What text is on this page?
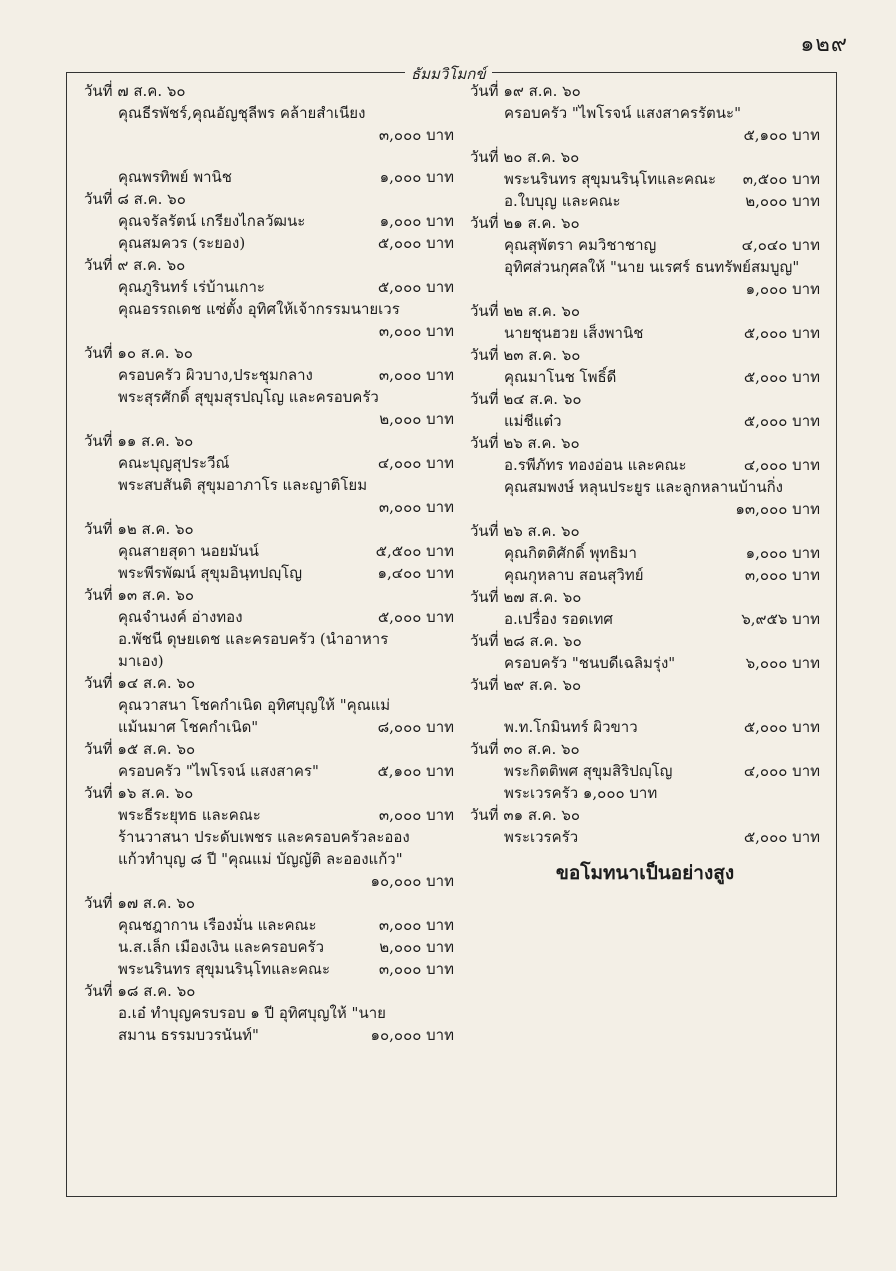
๑๒๙
ธัมมวิโมกข์
วันที่ ๗ ส.ค. ๖๐
คุณธีรพัชร์,คุณอัญชุลีพร คล้ายสำเนียง
๓,๐๐๐ บาท
คุณพรทิพย์ พานิช	๑,๐๐๐ บาท
วันที่ ๘ ส.ค. ๖๐
คุณจรัลรัตน์ เกรียงไกลวัฒนะ	๑,๐๐๐ บาท
คุณสมควร (ระยอง)	๕,๐๐๐ บาท
วันที่ ๙ ส.ค. ๖๐
คุณภูรินทร์ เร่บ้านเกาะ	๕,๐๐๐ บาท
คุณอรรถเดช แซ่ตั้ง อุทิศให้เจ้ากรรมนายเวร
๓,๐๐๐ บาท
วันที่ ๑๐ ส.ค. ๖๐
ครอบครัว ผิวบาง,ประชุมกลาง	๓,๐๐๐ บาท
พระสุรศักดิ์ สุขุมสุรปญฺโญ และครอบครัว
๒,๐๐๐ บาท
วันที่ ๑๑ ส.ค. ๖๐
คณะบุญสุประวีณ์	๔,๐๐๐ บาท
พระสบสันติ สุขุมอาภาโร และญาติโยม
๓,๐๐๐ บาท
วันที่ ๑๒ ส.ค. ๖๐
คุณสายสุดา นอยมันน์	๕,๕๐๐ บาท
พระพีรพัฒน์ สุขุมอินฺทปญฺโญ	๑,๔๐๐ บาท
วันที่ ๑๓ ส.ค. ๖๐
คุณจำนงค์ อ่างทอง	๕,๐๐๐ บาท
อ.พัชนี ดุษยเดช และครอบครัว (นำอาหาร
มาเอง)
วันที่ ๑๔ ส.ค. ๖๐
คุณวาสนา โชคกำเนิด อุทิศบุญให้ "คุณแม่
แม้นมาศ โชคกำเนิด"	๘,๐๐๐ บาท
วันที่ ๑๕ ส.ค. ๖๐
ครอบครัว "ไพโรจน์ แสงสาคร"	๕,๑๐๐ บาท
วันที่ ๑๖ ส.ค. ๖๐
พระธีระยุทธ และคณะ	๓,๐๐๐ บาท
ร้านวาสนา ประดับเพชร และครอบครัวละออง
แก้วทำบุญ ๘ ปี "คุณแม่ บัญญัติ ละอองแก้ว"
๑๐,๐๐๐ บาท
วันที่ ๑๗ ส.ค. ๖๐
คุณชฎากาน เรืองมั่น และคณะ	๓,๐๐๐ บาท
น.ส.เล็ก เมืองเงิน และครอบครัว	๒,๐๐๐ บาท
พระนรินทร สุขุมนรินฺโทและคณะ	๓,๐๐๐ บาท
วันที่ ๑๘ ส.ค. ๖๐
อ.เอ๋ ทำบุญครบรอบ ๑ ปี อุทิศบุญให้ "นาย
สมาน ธรรมบวรนันท์"	๑๐,๐๐๐ บาท
วันที่ ๑๙ ส.ค. ๖๐
ครอบครัว "ไพโรจน์ แสงสาครรัตนะ"
๕,๑๐๐ บาท
วันที่ ๒๐ ส.ค. ๖๐
พระนรินทร สุขุมนรินฺโทและคณะ ๓,๕๐๐ บาท
อ.ใบบุญ และคณะ	๒,๐๐๐ บาท
วันที่ ๒๑ ส.ค. ๖๐
คุณสุพัตรา คมวิชาชาญ	๔,๐๔๐ บาท
อุทิศส่วนกุศลให้ "นาย นเรศร์ ธนทรัพย์สมบูญ"
๑,๐๐๐ บาท
วันที่ ๒๒ ส.ค. ๖๐
นายชุนฮวย เส็งพานิช	๕,๐๐๐ บาท
วันที่ ๒๓ ส.ค. ๖๐
คุณมาโนช โพธิ์ดี	๕,๐๐๐ บาท
วันที่ ๒๔ ส.ค. ๖๐
แม่ชีแต๋ว	๕,๐๐๐ บาท
วันที่ ๒๖ ส.ค. ๖๐
อ.รพีภัทร ทองอ่อน และคณะ	๔,๐๐๐ บาท
คุณสมพงษ์ หลุนประยูร และลูกหลานบ้านกิ่ง
๑๓,๐๐๐ บาท
วันที่ ๒๖ ส.ค. ๖๐
คุณกิตติศักดิ์ พุทธิมา	๑,๐๐๐ บาท
คุณกุหลาบ สอนสุวิทย์	๓,๐๐๐ บาท
วันที่ ๒๗ ส.ค. ๖๐
อ.เปรื่อง รอดเทศ	๖,๙๕๖ บาท
วันที่ ๒๘ ส.ค. ๖๐
ครอบครัว "ชนบดีเฉลิมรุ่ง"	๖,๐๐๐ บาท
วันที่ ๒๙ ส.ค. ๖๐
พ.ท.โกมินทร์ ผิวขาว	๕,๐๐๐ บาท
วันที่ ๓๐ ส.ค. ๖๐
พระกิตติพศ สุขุมสิริปญฺโญ	๔,๐๐๐ บาท
พระเวรครัว ๑,๐๐๐ บาท
วันที่ ๓๑ ส.ค. ๖๐
พระเวรครัว	๕,๐๐๐ บาท
ขอโมทนาเป็นอย่างสูง
